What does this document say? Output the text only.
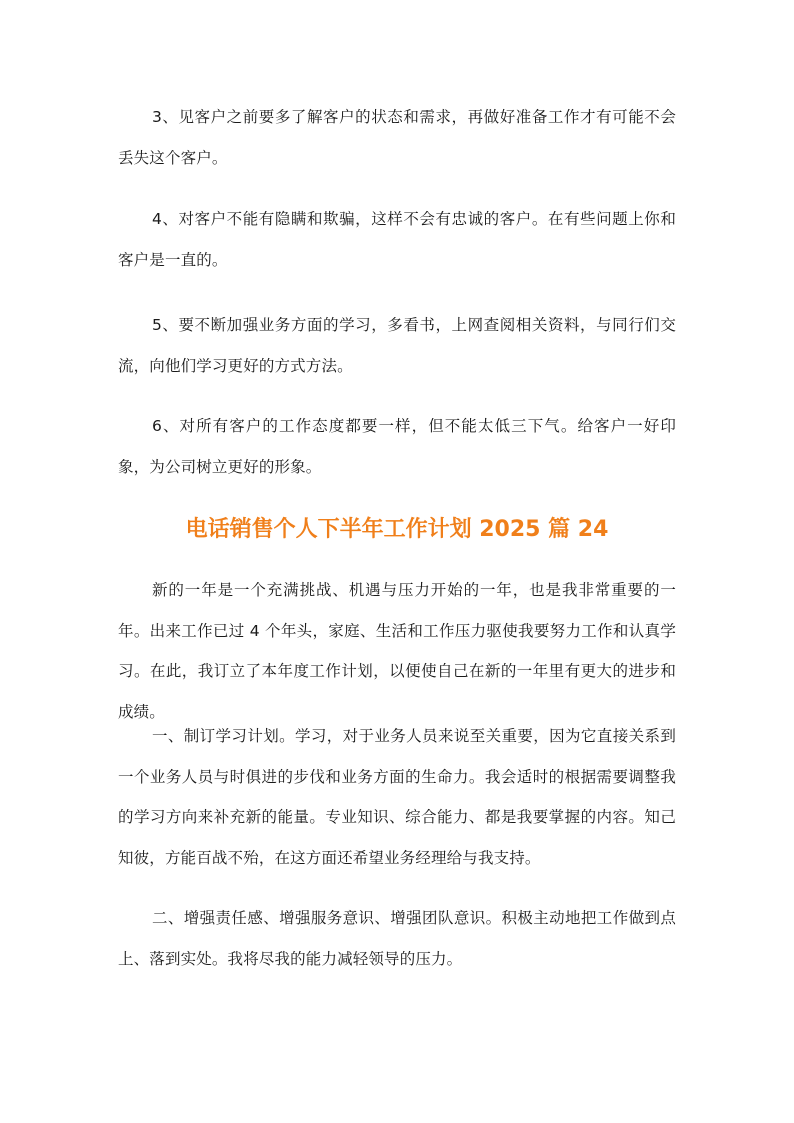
3、见客户之前要多了解客户的状态和需求，再做好准备工作才有可能不会丢失这个客户。

4、对客户不能有隐瞒和欺骗，这样不会有忠诚的客户。在有些问题上你和客户是一直的。

5、要不断加强业务方面的学习，多看书，上网查阅相关资料，与同行们交流，向他们学习更好的方式方法。

6、对所有客户的工作态度都要一样，但不能太低三下气。给客户一好印象，为公司树立更好的形象。

电话销售个人下半年工作计划 2025 篇 24

新的一年是一个充满挑战、机遇与压力开始的一年，也是我非常重要的一年。出来工作已过 4 个年头，家庭、生活和工作压力驱使我要努力工作和认真学习。在此，我订立了本年度工作计划，以便使自己在新的一年里有更大的进步和成绩。

一、制订学习计划。学习，对于业务人员来说至关重要，因为它直接关系到一个业务人员与时俱进的步伐和业务方面的生命力。我会适时的根据需要调整我的学习方向来补充新的能量。专业知识、综合能力、都是我要掌握的内容。知己知彼，方能百战不殆，在这方面还希望业务经理给与我支持。

二、增强责任感、增强服务意识、增强团队意识。积极主动地把工作做到点上、落到实处。我将尽我的能力减轻领导的压力。
